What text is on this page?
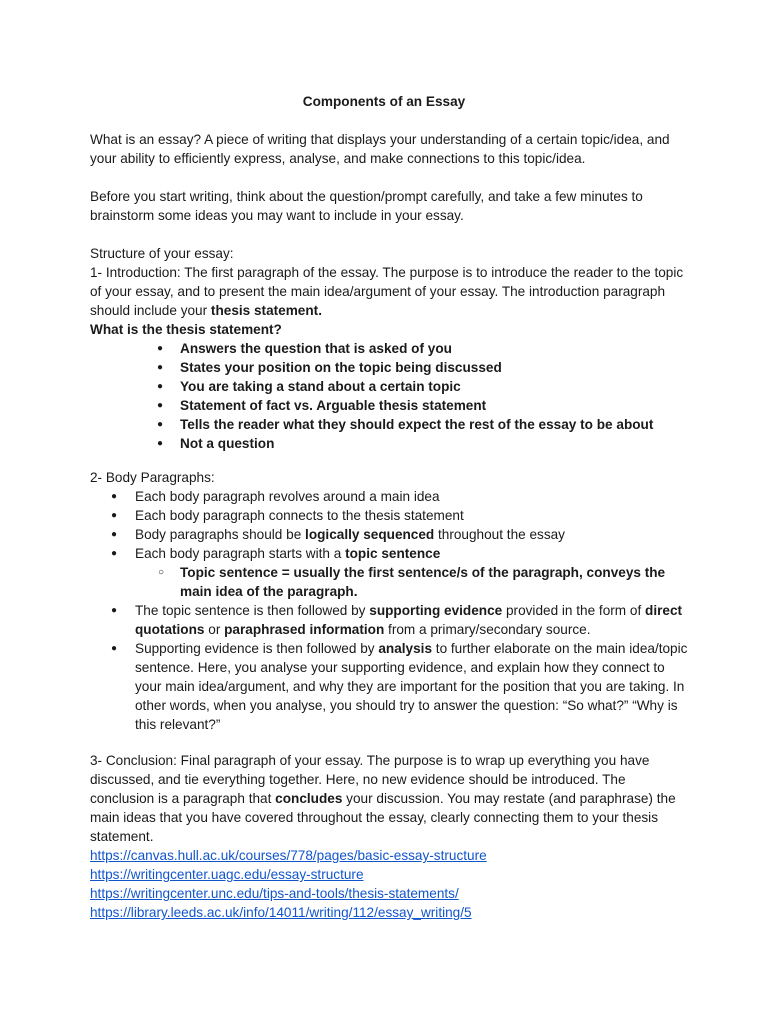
Components of an Essay

What is an essay? A piece of writing that displays your understanding of a certain topic/idea, and your ability to efficiently express, analyse, and make connections to this topic/idea.

Before you start writing, think about the question/prompt carefully, and take a few minutes to brainstorm some ideas you may want to include in your essay.

Structure of your essay:

1- Introduction: The first paragraph of the essay. The purpose is to introduce the reader to the topic of your essay, and to present the main idea/argument of your essay. The introduction paragraph should include your thesis statement.

What is the thesis statement?

● Answers the question that is asked of you
● States your position on the topic being discussed
● You are taking a stand about a certain topic
● Statement of fact vs. Arguable thesis statement
● Tells the reader what they should expect the rest of the essay to be about
● Not a question

2- Body Paragraphs:

● Each body paragraph revolves around a main idea
● Each body paragraph connects to the thesis statement
● Body paragraphs should be logically sequenced throughout the essay
● Each body paragraph starts with a topic sentence
○ Topic sentence = usually the first sentence/s of the paragraph, conveys the main idea of the paragraph.
● The topic sentence is then followed by supporting evidence provided in the form of direct quotations or paraphrased information from a primary/secondary source.
● Supporting evidence is then followed by analysis to further elaborate on the main idea/topic sentence. Here, you analyse your supporting evidence, and explain how they connect to your main idea/argument, and why they are important for the position that you are taking. In other words, when you analyse, you should try to answer the question: “So what?” “Why is this relevant?”

3- Conclusion: Final paragraph of your essay. The purpose is to wrap up everything you have discussed, and tie everything together. Here, no new evidence should be introduced. The conclusion is a paragraph that concludes your discussion. You may restate (and paraphrase) the main ideas that you have covered throughout the essay, clearly connecting them to your thesis statement.

https://canvas.hull.ac.uk/courses/778/pages/basic-essay-structure

https://writingcenter.uagc.edu/essay-structure

https://writingcenter.unc.edu/tips-and-tools/thesis-statements/

https://library.leeds.ac.uk/info/14011/writing/112/essay_writing/5
